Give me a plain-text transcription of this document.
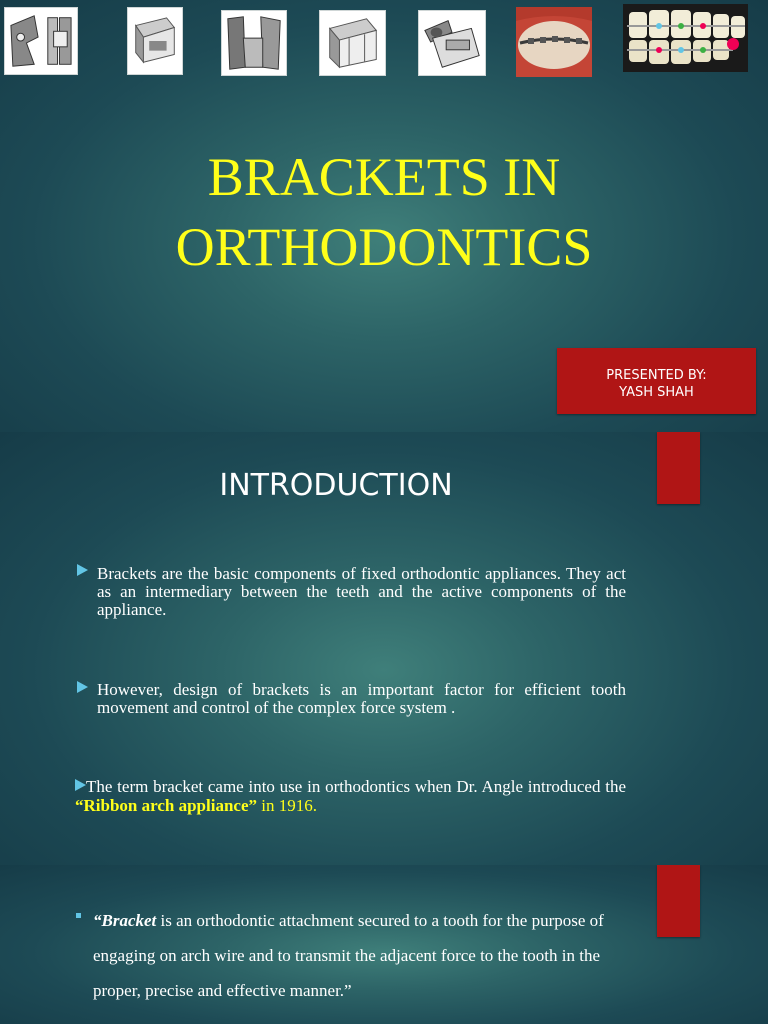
BRACKETS IN
ORTHODONTICS
PRESENTED BY:
YASH SHAH
INTRODUCTION
Brackets are the basic components of fixed orthodontic appliances. They act as an intermediary between the teeth and the active components of the appliance.
However, design of brackets is an important factor for efficient tooth movement and control of the complex force system .
The term bracket came into use in orthodontics when Dr. Angle introduced the “Ribbon arch appliance” in 1916.
“Bracket is an orthodontic attachment secured to a tooth for the purpose of engaging on arch wire and to transmit the adjacent force to the tooth in the proper, precise and effective manner.”
